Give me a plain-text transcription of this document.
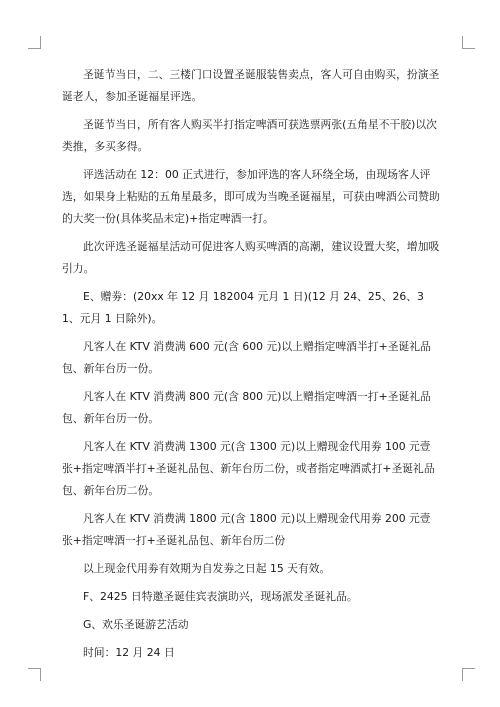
圣诞节当日，二、三楼门口设置圣诞服装售卖点，客人可自由购买，扮演圣诞老人，参加圣诞福星评选。

圣诞节当日，所有客人购买半打指定啤酒可获选票两张(五角星不干胶)以次类推，多买多得。

评选活动在 12：00 正式进行，参加评选的客人环绕全场，由现场客人评选，如果身上粘贴的五角星最多，即可成为当晚圣诞福星，可获由啤酒公司赞助的大奖一份(具体奖品未定)+指定啤酒一打。

此次评选圣诞福星活动可促进客人购买啤酒的高潮，建议设置大奖，增加吸引力。

E、赠劵：(20xx 年 12 月 182004 元月 1 日)(12 月 24、25、26、31、元月 1 日除外)。

凡客人在 KTV 消费满 600 元(含 600 元)以上赠指定啤酒半打+圣诞礼品包、新年台历一份。

凡客人在 KTV 消费满 800 元(含 800 元)以上赠指定啤酒一打+圣诞礼品包、新年台历一份。

凡客人在 KTV 消费满 1300 元(含 1300 元)以上赠现金代用劵 100 元壹张+指定啤酒半打+圣诞礼品包、新年台历二份，或者指定啤酒贰打+圣诞礼品包、新年台历二份。

凡客人在 KTV 消费满 1800 元(含 1800 元)以上赠现金代用劵 200 元壹张+指定啤酒一打+圣诞礼品包、新年台历二份

以上现金代用劵有效期为自发劵之日起 15 天有效。

F、2425 日特邀圣诞佳宾表演助兴，现场派发圣诞礼品。

G、欢乐圣诞游艺活动

时间：12 月 24 日
